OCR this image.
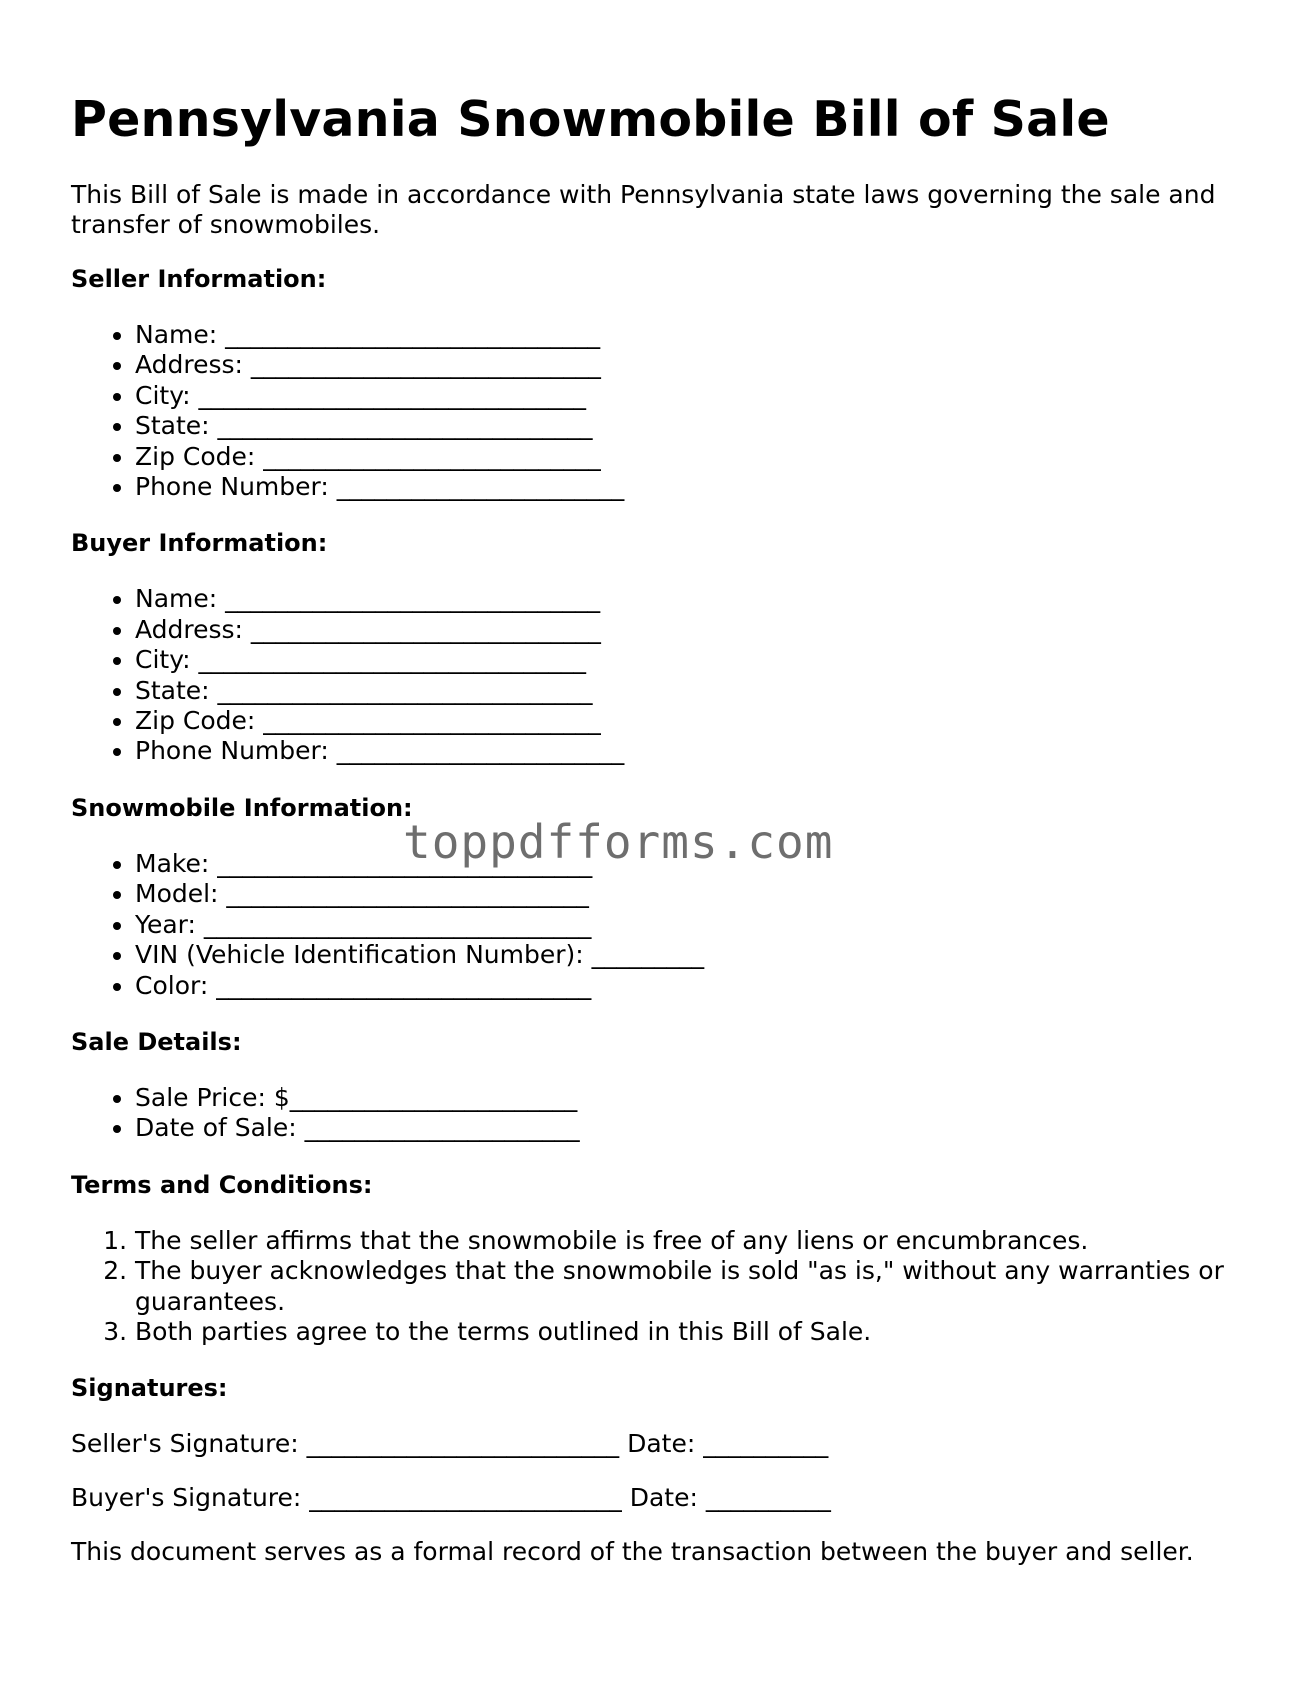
Pennsylvania Snowmobile Bill of Sale

This Bill of Sale is made in accordance with Pennsylvania state laws governing the sale and transfer of snowmobiles.

Seller Information:
• Name: ______________________________
• Address: ____________________________
• City: _______________________________
• State: ______________________________
• Zip Code: ___________________________
• Phone Number: _______________________
Buyer Information:
• Name: ______________________________
• Address: ____________________________
• City: _______________________________
• State: ______________________________
• Zip Code: ___________________________
• Phone Number: _______________________
Snowmobile Information:
• Make: ______________________________
• Model: _____________________________
• Year: _______________________________
• VIN (Vehicle Identification Number): _________
• Color: ______________________________
Sale Details:
• Sale Price: $_______________________
• Date of Sale: ______________________
Terms and Conditions:
1. The seller affirms that the snowmobile is free of any liens or encumbrances.
2. The buyer acknowledges that the snowmobile is sold "as is," without any warranties or guarantees.
3. Both parties agree to the terms outlined in this Bill of Sale.
Signatures:

Seller's Signature: _________________________ Date: __________

Buyer's Signature: _________________________ Date: __________

This document serves as a formal record of the transaction between the buyer and seller.

toppdfforms.com
